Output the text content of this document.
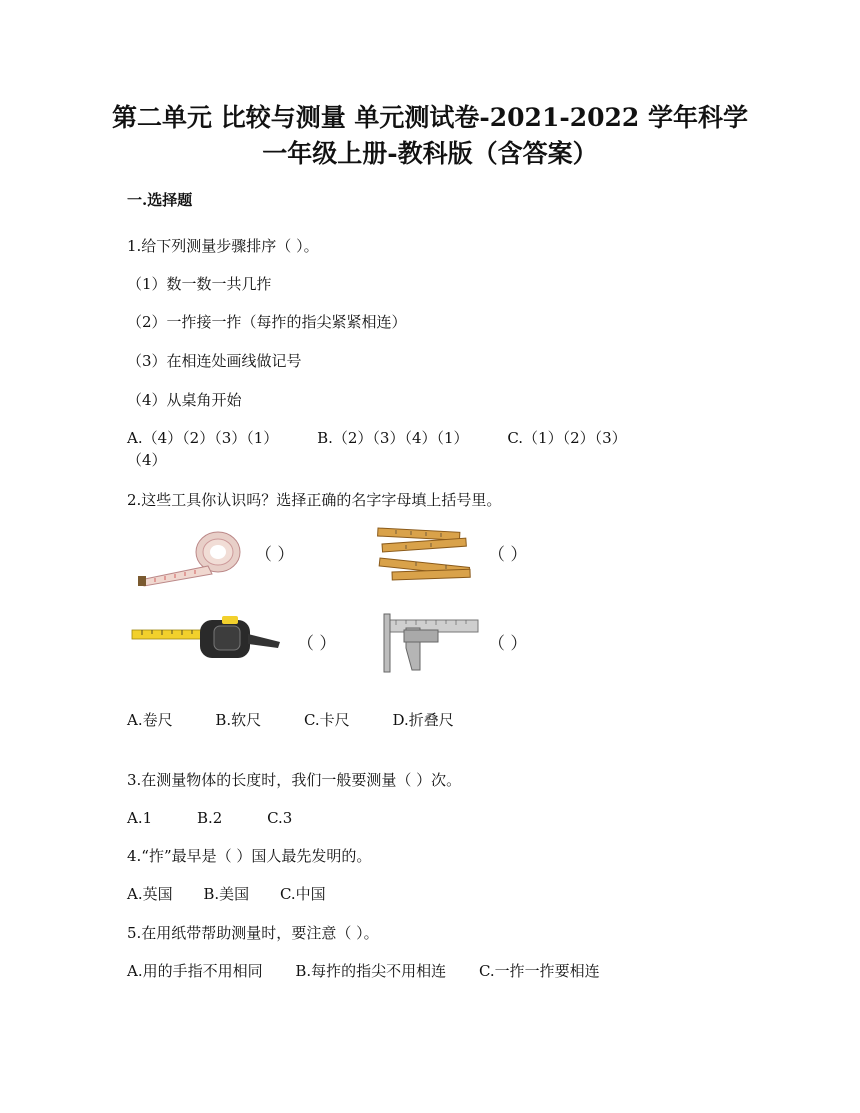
第二单元 比较与测量 单元测试卷-2021-2022 学年科学
一年级上册-教科版（含答案）
一.选择题
1.给下列测量步骤排序（ ）。
（1）数一数一共几拃
（2）一拃接一拃（每拃的指尖紧紧相连）
（3）在相连处画线做记号
（4）从桌角开始
A.（4）（2）（3）（1）	B.（2）（3）（4）（1）	C.（1）（2）（3）
（4）
2.这些工具你认识吗？选择正确的名字字母填上括号里。
（ ）	（ ）
（ ）	（ ）
A.卷尺	B.软尺	C.卡尺	D.折叠尺
3.在测量物体的长度时，我们一般要测量（ ）次。
A.1	B.2	C.3
4.“拃”最早是（ ）国人最先发明的。
A.英国 B.美国 C.中国
5.在用纸带帮助测量时，要注意（ ）。
A.用的手指不用相同 B.每拃的指尖不用相连 C.一拃一拃要相连
